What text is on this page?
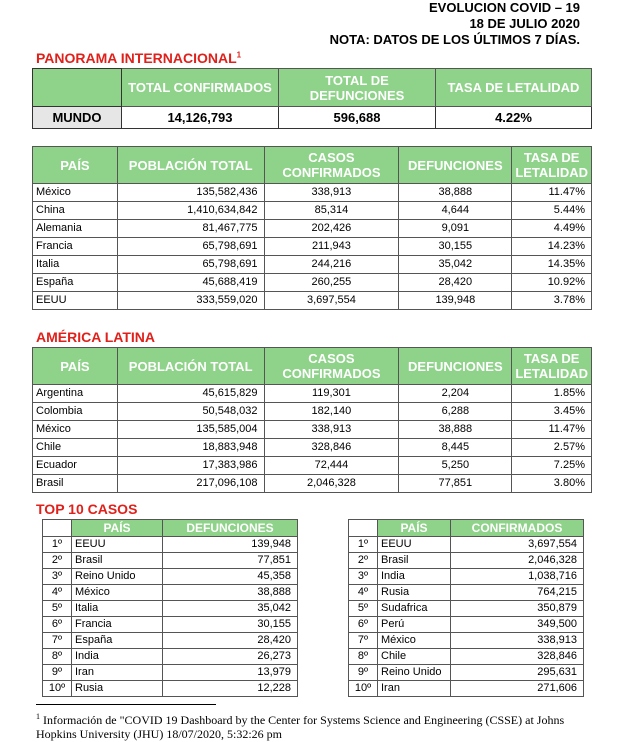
EVOLUCION COVID – 19
18 DE JULIO 2020
NOTA: DATOS DE LOS ÚLTIMOS 7 DÍAS.
PANORAMA INTERNACIONAL$^1$
	TOTAL CONFIRMADOS	TOTAL DE DEFUNCIONES	TASA DE LETALIDAD
MUNDO	14,126,793	596,688	4.22%
PAÍS	POBLACIÓN TOTAL	CASOS CONFIRMADOS	DEFUNCIONES	TASA DE LETALIDAD
México	135,582,436	338,913	38,888	11.47%
China	1,410,634,842	85,314	4,644	5.44%
Alemania	81,467,775	202,426	9,091	4.49%
Francia	65,798,691	211,943	30,155	14.23%
Italia	65,798,691	244,216	35,042	14.35%
España	45,688,419	260,255	28,420	10.92%
EEUU	333,559,020	3,697,554	139,948	3.78%
AMÉRICA LATINA
PAÍS	POBLACIÓN TOTAL	CASOS CONFIRMADOS	DEFUNCIONES	TASA DE LETALIDAD
Argentina	45,615,829	119,301	2,204	1.85%
Colombia	50,548,032	182,140	6,288	3.45%
México	135,585,004	338,913	38,888	11.47%
Chile	18,883,948	328,846	8,445	2.57%
Ecuador	17,383,986	72,444	5,250	7.25%
Brasil	217,096,108	2,046,328	77,851	3.80%
TOP 10 CASOS
	PAÍS	DEFUNCIONES
1º	EEUU	139,948
2º	Brasil	77,851
3º	Reino Unido	45,358
4º	México	38,888
5º	Italia	35,042
6º	Francia	30,155
7º	España	28,420
8º	India	26,273
9º	Iran	13,979
10º	Rusia	12,228
	PAÍS	CONFIRMADOS
1º	EEUU	3,697,554
2º	Brasil	2,046,328
3º	India	1,038,716
4º	Rusia	764,215
5º	Sudafrica	350,879
6º	Perú	349,500
7º	México	338,913
8º	Chile	328,846
9º	Reino Unido	295,631
10º	Iran	271,606
$^1$ Información de "COVID 19 Dashboard by the Center for Systems Science and Engineering (CSSE) at Johns Hopkins University (JHU) 18/07/2020, 5:32:26 pm
